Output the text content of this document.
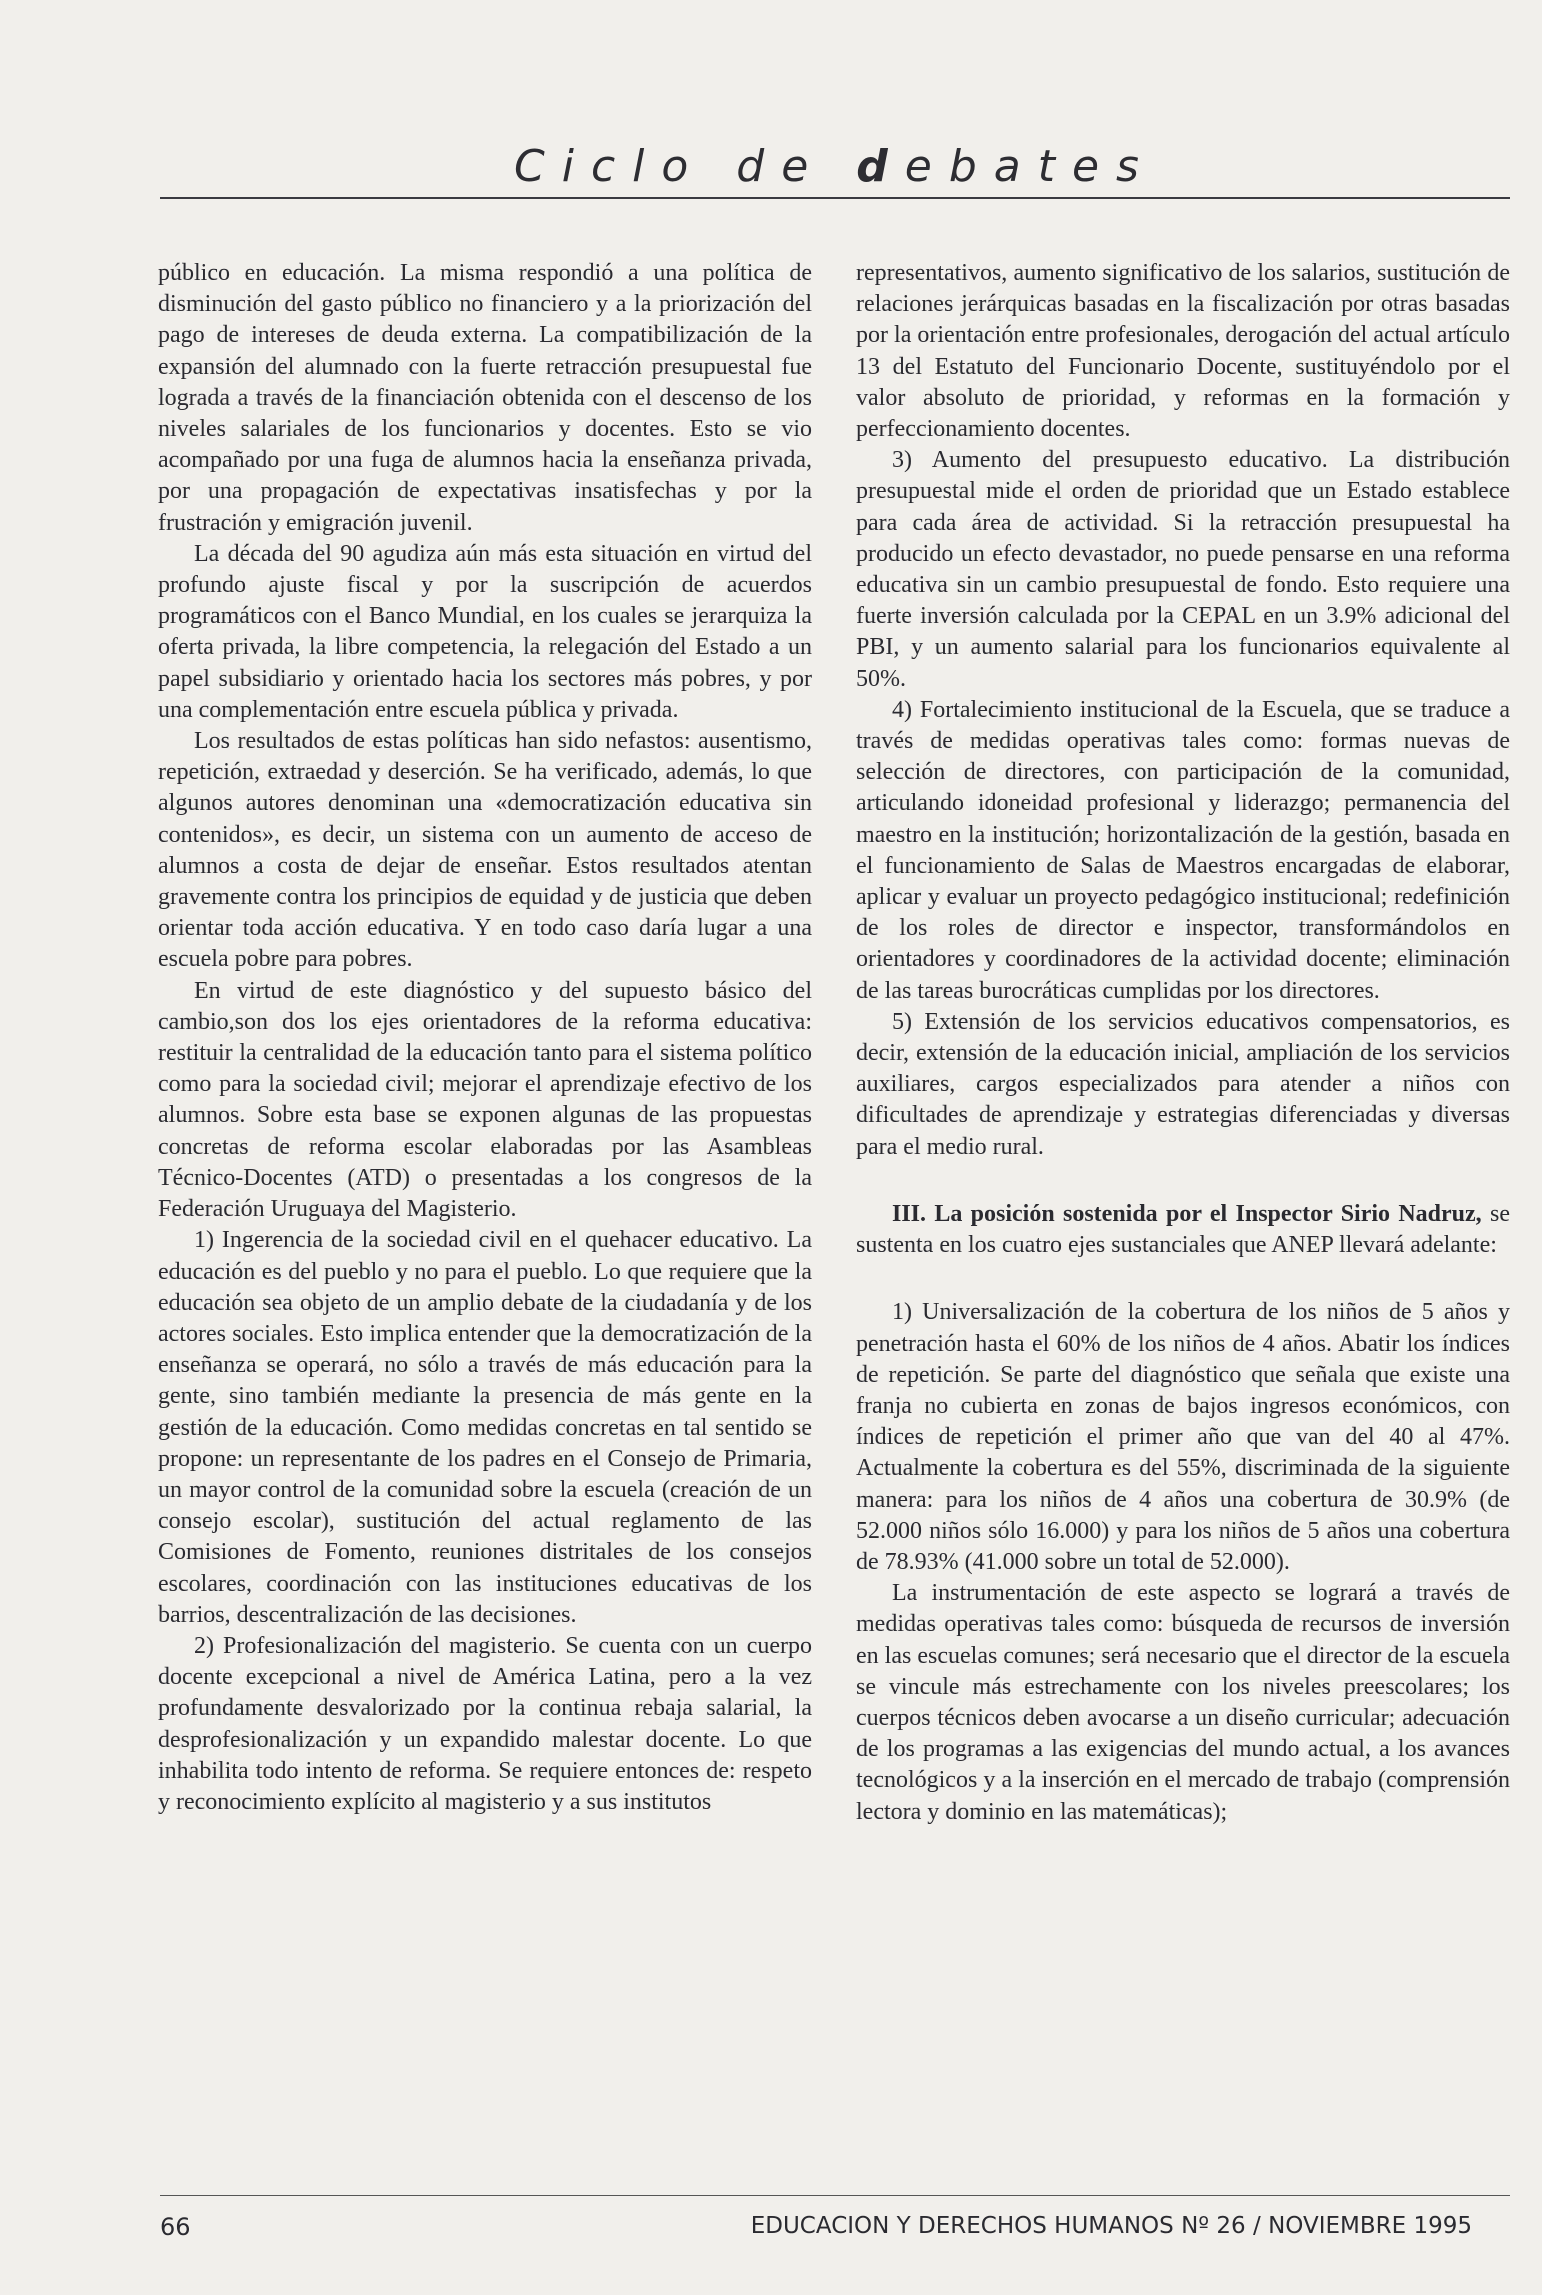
Ciclo de debates

público en educación. La misma respondió a una política de disminución del gasto público no financiero y a la priorización del pago de intereses de deuda externa. La compatibilización de la expansión del alumnado con la fuerte retracción presupuestal fue lograda a través de la financiación obtenida con el descenso de los niveles salariales de los funcionarios y docentes. Esto se vio acompañado por una fuga de alumnos hacia la enseñanza privada, por una propagación de expectativas insatisfechas y por la frustración y emigración juvenil.

La década del 90 agudiza aún más esta situación en virtud del profundo ajuste fiscal y por la suscripción de acuerdos programáticos con el Banco Mundial, en los cuales se jerarquiza la oferta privada, la libre competencia, la relegación del Estado a un papel subsidiario y orientado hacia los sectores más pobres, y por una complementación entre escuela pública y privada.

Los resultados de estas políticas han sido nefastos: ausentismo, repetición, extraedad y deserción. Se ha verificado, además, lo que algunos autores denominan una «democratización educativa sin contenidos», es decir, un sistema con un aumento de acceso de alumnos a costa de dejar de enseñar. Estos resultados atentan gravemente contra los principios de equidad y de justicia que deben orientar toda acción educativa. Y en todo caso daría lugar a una escuela pobre para pobres.

En virtud de este diagnóstico y del supuesto básico del cambio,son dos los ejes orientadores de la reforma educativa: restituir la centralidad de la educación tanto para el sistema político como para la sociedad civil; mejorar el aprendizaje efectivo de los alumnos. Sobre esta base se exponen algunas de las propuestas concretas de reforma escolar elaboradas por las Asambleas Técnico-Docentes (ATD) o presentadas a los congresos de la Federación Uruguaya del Magisterio.

1) Ingerencia de la sociedad civil en el quehacer educativo. La educación es del pueblo y no para el pueblo. Lo que requiere que la educación sea objeto de un amplio debate de la ciudadanía y de los actores sociales. Esto implica entender que la democratización de la enseñanza se operará, no sólo a través de más educación para la gente, sino también mediante la presencia de más gente en la gestión de la educación. Como medidas concretas en tal sentido se propone: un representante de los padres en el Consejo de Primaria, un mayor control de la comunidad sobre la escuela (creación de un consejo escolar), sustitución del actual reglamento de las Comisiones de Fomento, reuniones distritales de los consejos escolares, coordinación con las instituciones educativas de los barrios, descentralización de las decisiones.

2) Profesionalización del magisterio. Se cuenta con un cuerpo docente excepcional a nivel de América Latina, pero a la vez profundamente desvalorizado por la continua rebaja salarial, la desprofesionalización y un expandido malestar docente. Lo que inhabilita todo intento de reforma. Se requiere entonces de: respeto y reconocimiento explícito al magisterio y a sus institutos

representativos, aumento significativo de los salarios, sustitución de relaciones jerárquicas basadas en la fiscalización por otras basadas por la orientación entre profesionales, derogación del actual artículo 13 del Estatuto del Funcionario Docente, sustituyéndolo por el valor absoluto de prioridad, y reformas en la formación y perfeccionamiento docentes.

3) Aumento del presupuesto educativo. La distribución presupuestal mide el orden de prioridad que un Estado establece para cada área de actividad. Si la retracción presupuestal ha producido un efecto devastador, no puede pensarse en una reforma educativa sin un cambio presupuestal de fondo. Esto requiere una fuerte inversión calculada por la CEPAL en un 3.9% adicional del PBI, y un aumento salarial para los funcionarios equivalente al 50%.

4) Fortalecimiento institucional de la Escuela, que se traduce a través de medidas operativas tales como: formas nuevas de selección de directores, con participación de la comunidad, articulando idoneidad profesional y liderazgo; permanencia del maestro en la institución; horizontalización de la gestión, basada en el funcionamiento de Salas de Maestros encargadas de elaborar, aplicar y evaluar un proyecto pedagógico institucional; redefinición de los roles de director e inspector, transformándolos en orientadores y coordinadores de la actividad docente; eliminación de las tareas burocráticas cumplidas por los directores.

5) Extensión de los servicios educativos compensatorios, es decir, extensión de la educación inicial, ampliación de los servicios auxiliares, cargos especializados para atender a niños con dificultades de aprendizaje y estrategias diferenciadas y diversas para el medio rural.

III. La posición sostenida por el Inspector Sirio Nadruz, se sustenta en los cuatro ejes sustanciales que ANEP llevará adelante:

1) Universalización de la cobertura de los niños de 5 años y penetración hasta el 60% de los niños de 4 años. Abatir los índices de repetición. Se parte del diagnóstico que señala que existe una franja no cubierta en zonas de bajos ingresos económicos, con índices de repetición el primer año que van del 40 al 47%. Actualmente la cobertura es del 55%, discriminada de la siguiente manera: para los niños de 4 años una cobertura de 30.9% (de 52.000 niños sólo 16.000) y para los niños de 5 años una cobertura de 78.93% (41.000 sobre un total de 52.000).

La instrumentación de este aspecto se logrará a través de medidas operativas tales como: búsqueda de recursos de inversión en las escuelas comunes; será necesario que el director de la escuela se vincule más estrechamente con los niveles preescolares; los cuerpos técnicos deben avocarse a un diseño curricular; adecuación de los programas a las exigencias del mundo actual, a los avances tecnológicos y a la inserción en el mercado de trabajo (comprensión lectora y dominio en las matemáticas);

66	EDUCACION Y DERECHOS HUMANOS Nº 26 / NOVIEMBRE 1995
